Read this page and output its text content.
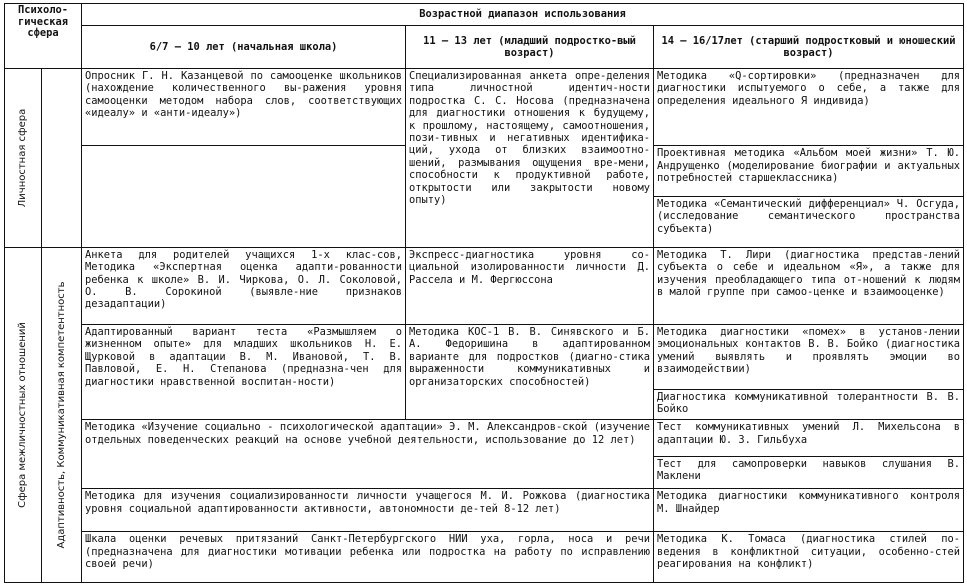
Психоло-гическая сфера		Возрастной диапазон использования		
		6/7 – 10 лет (начальная школа)	11 – 13 лет (младший подростко-вый возраст)	14 – 16/17лет (старший подростковый и юношеский возраст)

Личностная сфера		Опросник Г. Н. Казанцевой по самооценке школьников (нахождение количественного вы-ражения уровня самооценки методом набора слов, соответствующих «идеалу» и «анти-идеалу»)	Специализированная анкета опре-деления типа личностной идентич-ности подростка С. С. Носова (предназначена для диагностики отношения к будущему, к прошлому, настоящему, самоотношения, пози-тивных и негативных идентифика-ций, ухода от близких взаимоотно-шений, размывания ощущения вре-мени, способности к продуктивной работе, открытости или закрытости новому опыту)	Методика «Q-сортировки» (предназначен для диагностики испытуемого о себе, а также для определения идеального Я индивида)
				Проективная методика «Альбом моей жизни» Т. Ю. Андрущенко (моделирование биографии и актуальных потребностей старшеклассника)
				Методика «Семантический дифференциал» Ч. Осгуда, (исследование семантического пространства субъекта)

Сфера межличностных отношений	Адаптивность, Коммуникативная компетентность	Анкета для родителей учащихся 1-х клас-сов, Методика «Экспертная оценка адапти-рованности ребенка к школе» В. И. Чиркова, О. Л. Соколовой, О. В. Сорокиной (выявле-ние признаков дезадаптации)	Экспресс-диагностика уровня со-циальной изолированности личности Д. Рассела и М. Фергюссона	Методика Т. Лири (диагностика представ-лений субъекта о себе и идеальном «Я», а также для изучения преобладающего типа от-ношений к людям в малой группе при самоо-ценке и взаимооценке)
		Адаптированный вариант теста «Размышляем о жизненном опыте» для младших школьников Н. Е. Щурковой в адаптации В. М. Ивановой, Т. В. Павловой, Е. Н. Степанова (предназна-чен для диагностики нравственной воспитан-ности)	Методика КОС-1 В. В. Синявского и Б. А. Федоришина в адаптированном варианте для подростков (диагно-стика выраженности коммуникативных и организаторских способностей)	Методика диагностики «помех» в установ-лении эмоциональных контактов В. В. Бойко (диагностика умений выявлять и проявлять эмоции во взаимодействии)
				Диагностика коммуникативной толерантности В. В. Бойко
		Методика «Изучение социально - психологической адаптации» Э. М. Александров-ской (изучение отдельных поведенческих реакций на основе учебной деятельности, использование до 12 лет)		Тест коммуникативных умений Л. Михельсона в адаптации Ю. З. Гильбуха
				Тест для самопроверки навыков слушания В. Маклени
		Методика для изучения социализированности личности учащегося М. И. Рожкова (диагностика уровня социальной адаптированности активности, автономности де-тей 8-12 лет)		Методика диагностики коммуникативного контроля М. Шнайдер
		Шкала оценки речевых притязаний Санкт-Петербургского НИИ уха, горла, носа и речи (предназначена для диагностики мотивации ребенка или подростка на работу по исправлению своей речи)		Методика К. Томаса (диагностика стилей по-ведения в конфликтной ситуации, особенно-стей реагирования на конфликт)
